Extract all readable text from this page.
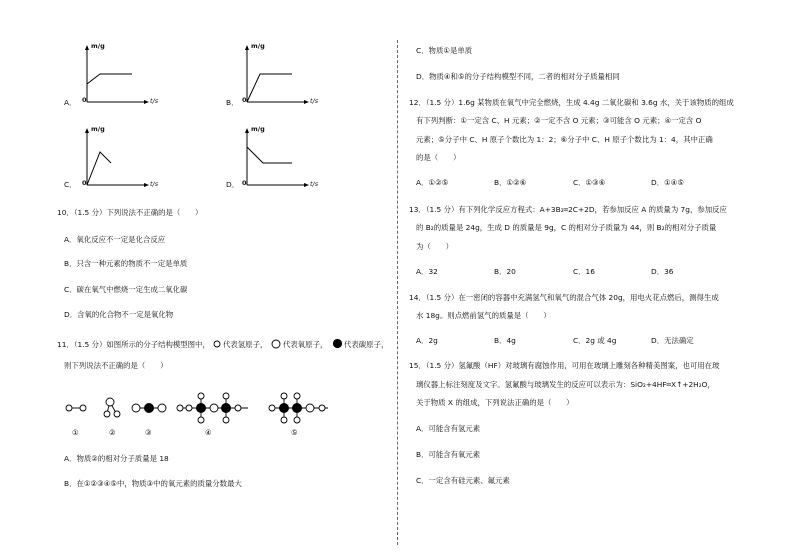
A．
m/g
t/s
0	B．
m/g
t/s
0
C．
m/g
t/s
0	D．
m/g
t/s
0
10．（1.5 分）下列说法不正确的是（　　）
A．氧化反应不一定是化合反应
B．只含一种元素的物质不一定是单质
C．碳在氧气中燃烧一定生成二氧化碳
D．含氧的化合物不一定是氧化物
11．（1.5 分）如图所示的分子结构模型图中， 代表氢原子， 代表氧原子， 代表碳原子，
则下列说法不正确的是（　　）
①	②	③	④	⑤
A．物质②的相对分子质量是 18
B．在①②③④⑤中，物质③中的氧元素的质量分数最大
C．物质①是单质
D．物质④和⑤的分子结构模型不同，二者的相对分子质量相同
12．（1.5 分）1.6g 某物质在氧气中完全燃烧，生成 4.4g 二氧化碳和 3.6g 水，关于该物质的组成
有下列判断：①一定含 C、H 元素；②一定不含 O 元素；③可能含 O 元素；④一定含 O
元素；⑤分子中 C、H 原子个数比为 1：2；⑥分子中 C、H 原子个数比为 1：4，其中正确
的是（　　）
A．①②⑤	B．①②⑥	C．①③⑥	D．①④⑤
13．（1.5 分）有下列化学反应方程式：A+3B₂═2C+2D，若参加反应 A 的质量为 7g，参加反应
的 B₂的质量是 24g，生成 D 的质量是 9g，C 的相对分子质量为 44，则 B₂的相对分子质量
为（　　）
A．32	B．20	C．16	D．36
14．（1.5 分）在一密闭的容器中充满氢气和氧气的混合气体 20g，用电火花点燃后，测得生成
水 18g。则点燃前氢气的质量是（　　）
A．2g	B．4g	C．2g 或 4g	D．无法确定
15．（1.5 分）氢氟酸（HF）对玻璃有腐蚀作用，可用在玻璃上雕刻各种精美图案，也可用在玻
璃仪器上标注刻度及文字。氢氟酸与玻璃发生的反应可以表示为：SiO₂+4HF═X↑+2H₂O，
关于物质 X 的组成，下列说法正确的是（　　）
A．可能含有氢元素
B．可能含有氧元素
C．一定含有硅元素、氟元素
